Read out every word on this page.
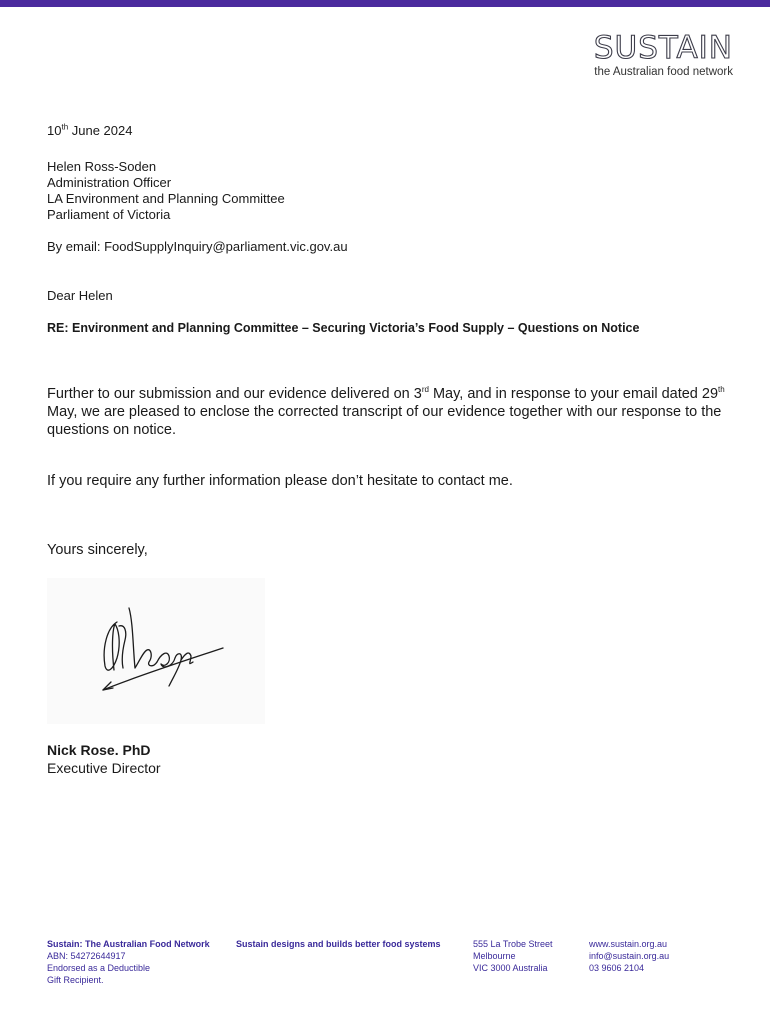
SUSTAIN
the Australian food network
10th June 2024
Helen Ross-Soden
Administration Officer
LA Environment and Planning Committee
Parliament of Victoria
By email: FoodSupplyInquiry@parliament.vic.gov.au
Dear Helen
RE: Environment and Planning Committee – Securing Victoria’s Food Supply – Questions on Notice
Further to our submission and our evidence delivered on 3rd May, and in response to your email dated 29th May, we are pleased to enclose the corrected transcript of our evidence together with our response to the questions on notice.
If you require any further information please don’t hesitate to contact me.
Yours sincerely,
Nick Rose. PhD
Executive Director
Sustain: The Australian Food Network
ABN: 54272644917
Endorsed as a Deductible
Gift Recipient.
Sustain designs and builds better food systems	555 La Trobe Street
Melbourne
VIC 3000 Australia
www.sustain.org.au
info@sustain.org.au
03 9606 2104
